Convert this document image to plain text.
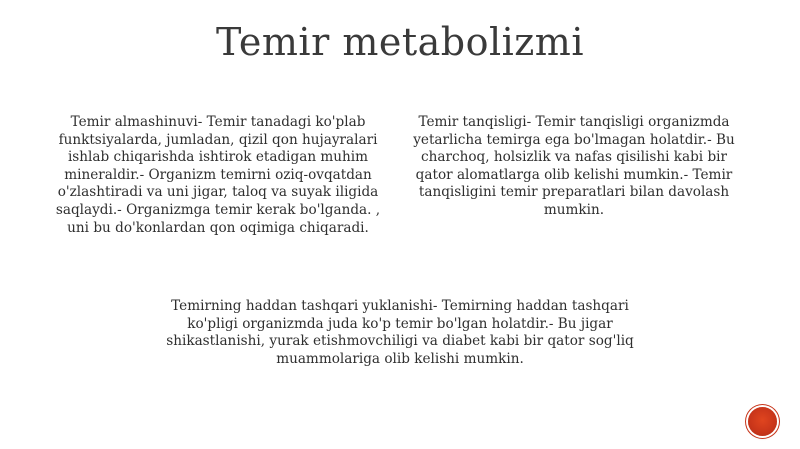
Temir metabolizmi

Temir almashinuvi- Temir tanadagi ko'plab funktsiyalarda, jumladan, qizil qon hujayralari ishlab chiqarishda ishtirok etadigan muhim mineraldir.- Organizm temirni oziq-ovqatdan o'zlashtiradi va uni jigar, taloq va suyak iligida saqlaydi.- Organizmga temir kerak bo'lganda. , uni bu do'konlardan qon oqimiga chiqaradi.

Temir tanqisligi- Temir tanqisligi organizmda yetarlicha temirga ega bo'lmagan holatdir.- Bu charchoq, holsizlik va nafas qisilishi kabi bir qator alomatlarga olib kelishi mumkin.- Temir tanqisligini temir preparatlari bilan davolash mumkin.

Temirning haddan tashqari yuklanishi- Temirning haddan tashqari ko'pligi organizmda juda ko'p temir bo'lgan holatdir.- Bu jigar shikastlanishi, yurak etishmovchiligi va diabet kabi bir qator sog'liq muammolariga olib kelishi mumkin.
